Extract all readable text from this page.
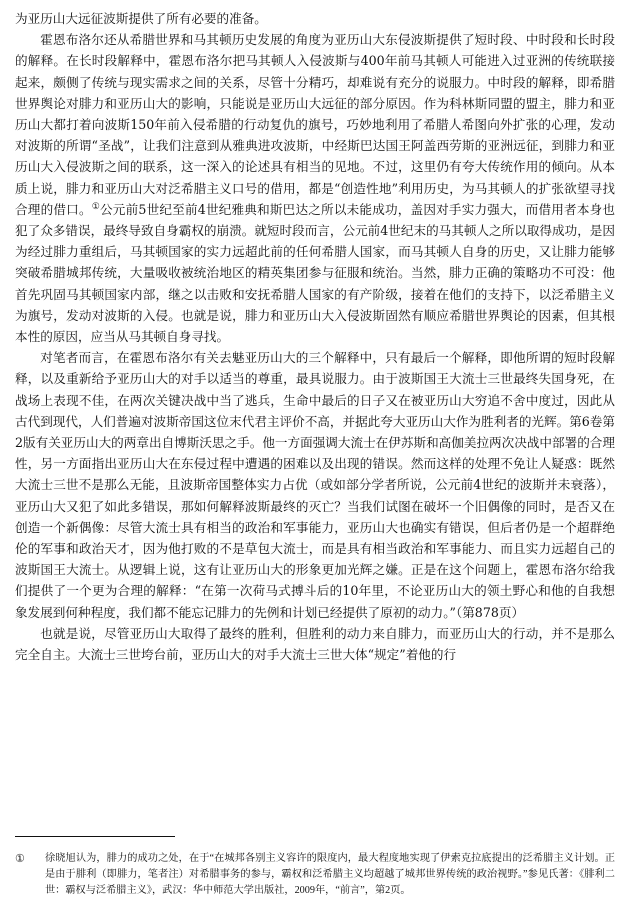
为亚历山大远征波斯提供了所有必要的准备。

霍恩布洛尔还从希腊世界和马其顿历史发展的角度为亚历山大东侵波斯提供了短时段、中时段和长时段的解释。在长时段解释中，霍恩布洛尔把马其顿人入侵波斯与400年前马其顿人可能进入过亚洲的传统联接起来，颇侧了传统与现实需求之间的关系，尽管十分精巧，却难说有充分的说服力。中时段的解释，即希腊世界舆论对腓力和亚历山大的影响，只能说是亚历山大远征的部分原因。作为科林斯同盟的盟主，腓力和亚历山大都打着向波斯150年前入侵希腊的行动复仇的旗号，巧妙地利用了希腊人希图向外扩张的心理，发动对波斯的所谓“圣战”，让我们注意到从雅典进攻波斯，中经斯巴达国王阿盖西劳斯的亚洲远征，到腓力和亚历山大入侵波斯之间的联系，这一深入的论述具有相当的见地。不过，这里仍有夸大传统作用的倾向。从本质上说，腓力和亚历山大对泛希腊主义口号的借用，都是“创造性地”利用历史，为马其顿人的扩张欲望寻找合理的借口。①公元前5世纪至前4世纪雅典和斯巴达之所以未能成功，盖因对手实力强大，而借用者本身也犯了众多错误，最终导致自身霸权的崩溃。就短时段而言，公元前4世纪末的马其顿人之所以取得成功，是因为经过腓力重组后，马其顿国家的实力远超此前的任何希腊人国家，而马其顿人自身的历史，又让腓力能够突破希腊城邦传统，大量吸收被统治地区的精英集团参与征服和统治。当然，腓力正确的策略功不可没：他首先巩固马其顿国家内部，继之以击败和安抚希腊人国家的有产阶级，接着在他们的支持下，以泛希腊主义为旗号，发动对波斯的入侵。也就是说，腓力和亚历山大入侵波斯固然有顺应希腊世界舆论的因素，但其根本性的原因，应当从马其顿自身寻找。

对笔者而言，在霍恩布洛尔有关去魅亚历山大的三个解释中，只有最后一个解释，即他所谓的短时段解释，以及重新给予亚历山大的对手以适当的尊重，最具说服力。由于波斯国王大流士三世最终失国身死，在战场上表现不佳，在两次关键决战中当了逃兵，生命中最后的日子又在被亚历山大穷追不舍中度过，因此从古代到现代，人们普遍对波斯帝国这位末代君主评价不高，并据此夸大亚历山大作为胜利者的光辉。第6卷第2版有关亚历山大的两章出自博斯沃思之手。他一方面强调大流士在伊苏斯和高伽美拉两次决战中部署的合理性，另一方面指出亚历山大在东侵过程中遭遇的困难以及出现的错误。然而这样的处理不免让人疑惑：既然大流士三世不是那么无能，且波斯帝国整体实力占优（或如部分学者所说，公元前4世纪的波斯并未衰落），亚历山大又犯了如此多错误，那如何解释波斯最终的灭亡？当我们试图在破坏一个旧偶像的同时，是否又在创造一个新偶像：尽管大流士具有相当的政治和军事能力，亚历山大也确实有错误，但后者仍是一个超群绝伦的军事和政治天才，因为他打败的不是草包大流士，而是具有相当政治和军事能力、而且实力远超自己的波斯国王大流士。从逻辑上说，这有让亚历山大的形象更加光辉之嫌。正是在这个问题上，霍恩布洛尔给我们提供了一个更为合理的解释：“在第一次荷马式搏斗后的10年里，不论亚历山大的领土野心和他的自我想象发展到何种程度，我们都不能忘记腓力的先例和计划已经提供了原初的动力。”（第878页）

也就是说，尽管亚历山大取得了最终的胜利，但胜利的动力来自腓力，而亚历山大的行动，并不是那么完全自主。大流士三世垮台前，亚历山大的对手大流士三世大体“规定”着他的行

①	徐晓旭认为，腓力的成功之处，在于“在城邦各别主义容许的限度内，最大程度地实现了伊索克拉底提出的泛希腊主义计划。正是由于腓利（即腓力，笔者注）对希腊事务的参与，霸权和泛希腊主义均超越了城邦世界传统的政治视野。”参见氏著：《腓利二世：霸权与泛希腊主义》，武汉：华中师范大学出版社，2009年，“前言”，第2页。
